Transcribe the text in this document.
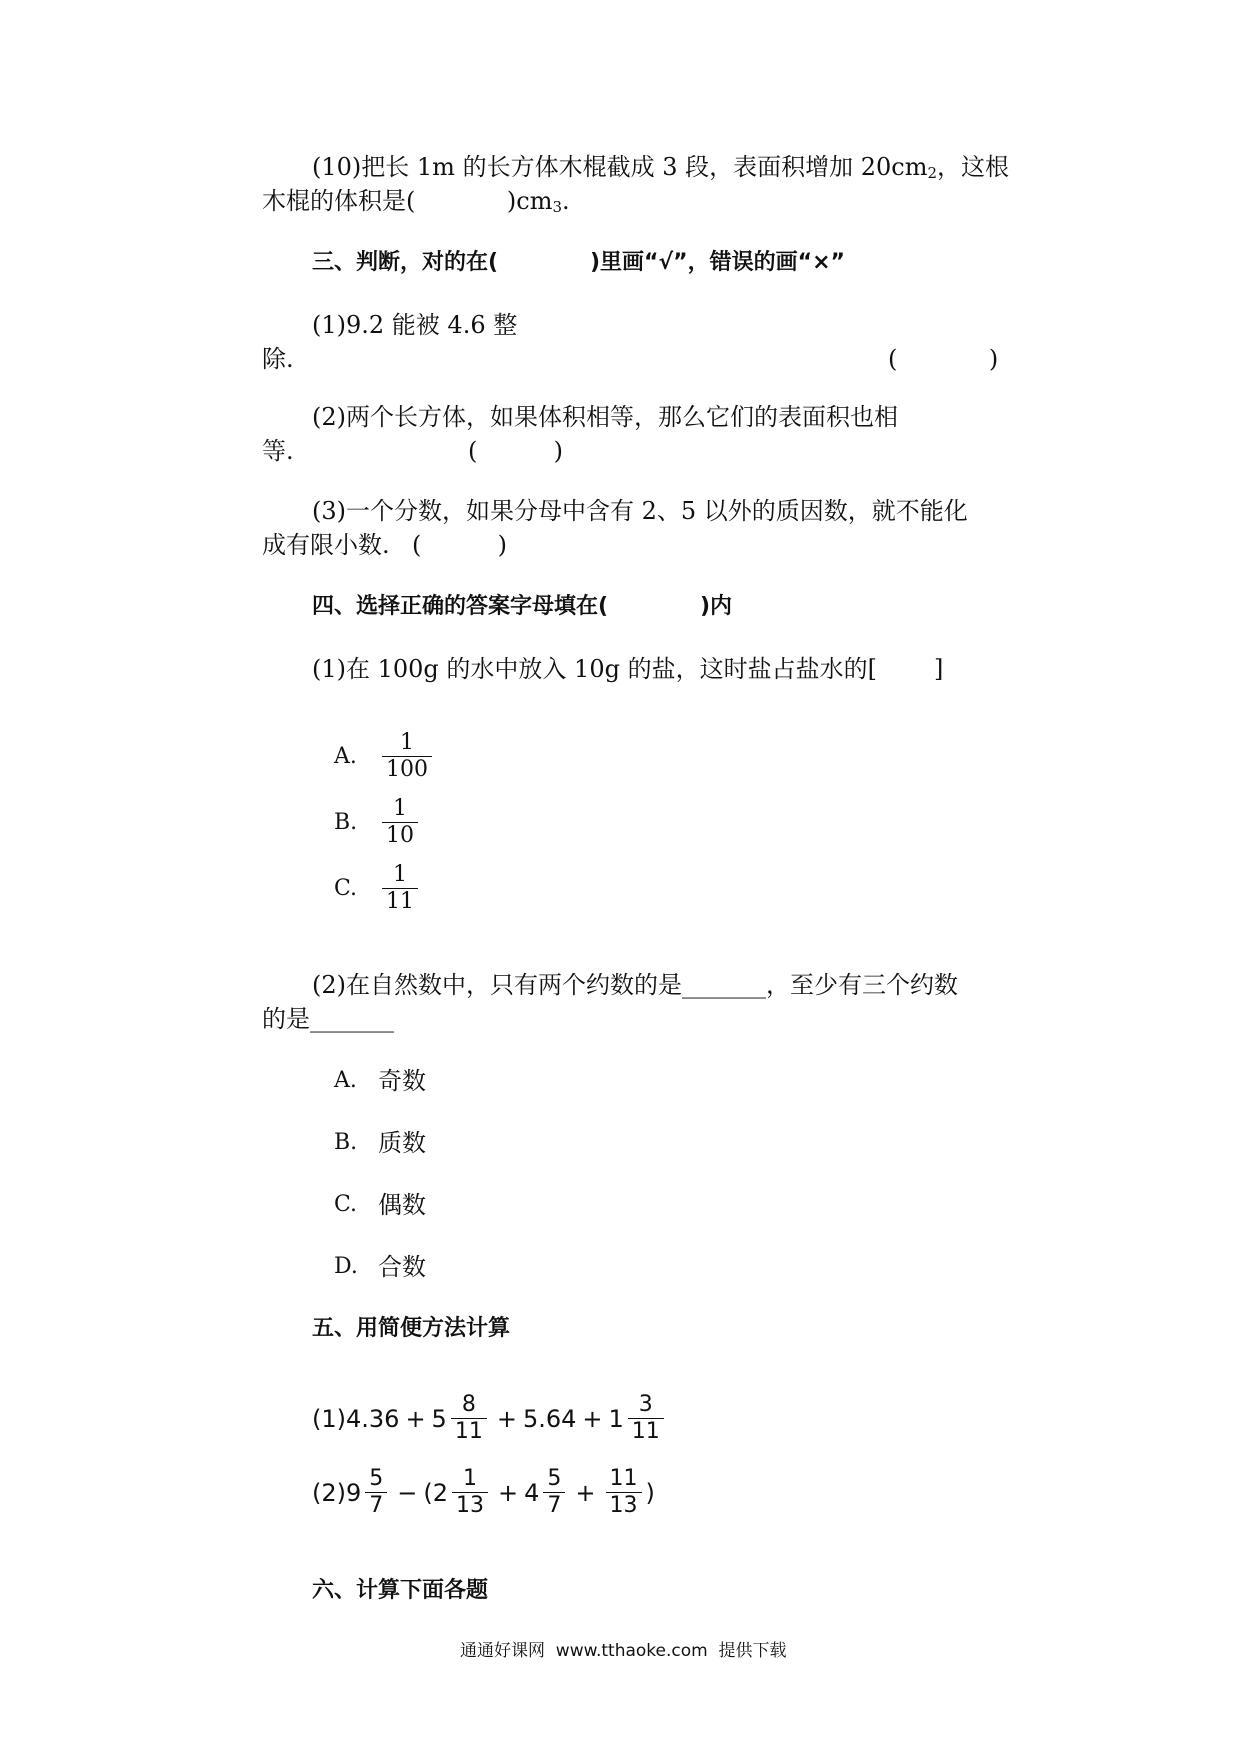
(10)把长 1m 的长方体木棍截成 3 段，表面积增加 20cm2，这根
木棍的体积是(	)cm3.
三、判断，对的在(	)里画“√”，错误的画“×”
(1)9.2 能被 4.6 整
除.	(            )
(2)两个长方体，如果体积相等，那么它们的表面积也相
等.	(          )
(3)一个分数，如果分母中含有 2、5 以外的质因数，就不能化
成有限小数. (          )
四、选择正确的答案字母填在(	)内
(1)在 100g 的水中放入 10g 的盐，这时盐占盐水的[ ]
A.	$\frac{1}{100}$
B.	$\frac{1}{10}$
C.	$\frac{1}{11}$
(2)在自然数中，只有两个约数的是_______，至少有三个约数
的是_______
A. 奇数
B. 质数
C. 偶数
D. 合数
五、用简便方法计算
$(1)4.36 + 5 \frac{8}{11} + 5.64 + 1 \frac{3}{11}$
$(2)9 \frac{5}{7} - (2 \frac{1}{13} + 4 \frac{5}{7} + \frac{11}{13}$ )
六、计算下面各题
通通好课网  www.tthaoke.com  提供下载
